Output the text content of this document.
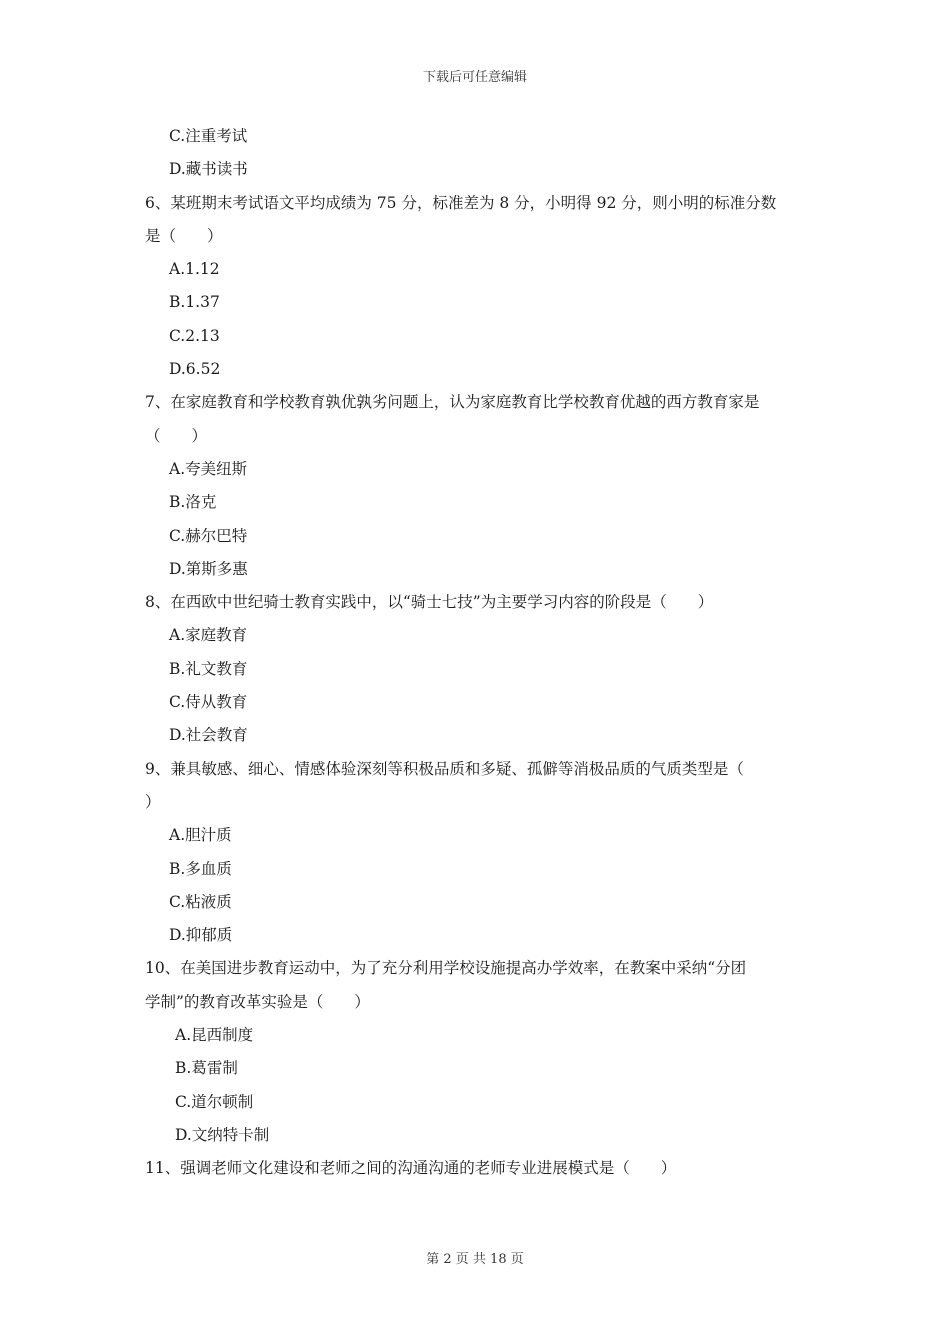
下载后可任意编辑
C.注重考试
D.藏书读书
6、某班期末考试语文平均成绩为 75 分，标准差为 8 分，小明得 92 分，则小明的标准分数
是（　　）
A.1.12
B.1.37
C.2.13
D.6.52
7、在家庭教育和学校教育孰优孰劣问题上，认为家庭教育比学校教育优越的西方教育家是
（　　）
A.夸美纽斯
B.洛克
C.赫尔巴特
D.第斯多惠
8、在西欧中世纪骑士教育实践中，以“骑士七技”为主要学习内容的阶段是（　　）
A.家庭教育
B.礼文教育
C.侍从教育
D.社会教育
9、兼具敏感、细心、情感体验深刻等积极品质和多疑、孤僻等消极品质的气质类型是（
）
A.胆汁质
B.多血质
C.粘液质
D.抑郁质
10、在美国进步教育运动中，为了充分利用学校设施提高办学效率，在教案中采纳“分团
学制”的教育改革实验是（　　）
A.昆西制度
B.葛雷制
C.道尔顿制
D.文纳特卡制
11、强调老师文化建设和老师之间的沟通沟通的老师专业进展模式是（　　）
第 2 页 共 18 页
